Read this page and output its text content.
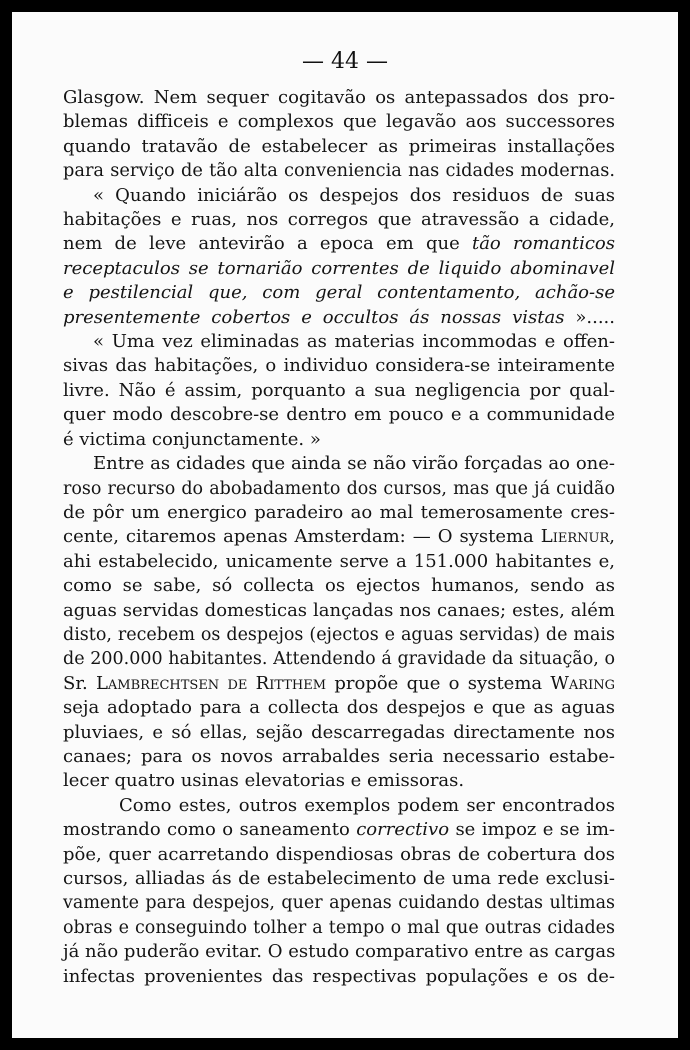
— 44 —
Glasgow. Nem sequer cogitavão os antepassados dos pro-
blemas difficeis e complexos que legavão aos successores
quando tratavão de estabelecer as primeiras installações
para serviço de tão alta conveniencia nas cidades modernas.
« Quando iniciárão os despejos dos residuos de suas
habitações e ruas, nos corregos que atravessão a cidade,
nem de leve antevirão a epoca em que tão romanticos
receptaculos se tornarião correntes de liquido abominavel
e pestilencial que, com geral contentamento, achão-se
presentemente cobertos e occultos ás nossas vistas ».....
« Uma vez eliminadas as materias incommodas e offen-
sivas das habitações, o individuo considera-se inteiramente
livre. Não é assim, porquanto a sua negligencia por qual-
quer modo descobre-se dentro em pouco e a communidade
é victima conjunctamente. »
Entre as cidades que ainda se não virão forçadas ao one-
roso recurso do abobadamento dos cursos, mas que já cuidão
de pôr um energico paradeiro ao mal temerosamente cres-
cente, citaremos apenas Amsterdam: — O systema Liernur,
ahi estabelecido, unicamente serve a 151.000 habitantes e,
como se sabe, só collecta os ejectos humanos, sendo as
aguas servidas domesticas lançadas nos canaes; estes, além
disto, recebem os despejos (ejectos e aguas servidas) de mais
de 200.000 habitantes. Attendendo á gravidade da situação, o
Sr. Lambrechtsen de Ritthem propõe que o systema Waring
seja adoptado para a collecta dos despejos e que as aguas
pluviaes, e só ellas, sejão descarregadas directamente nos
canaes; para os novos arrabaldes seria necessario estabe-
lecer quatro usinas elevatorias e emissoras.
Como estes, outros exemplos podem ser encontrados
mostrando como o saneamento correctivo se impoz e se im-
põe, quer acarretando dispendiosas obras de cobertura dos
cursos, alliadas ás de estabelecimento de uma rede exclusi-
vamente para despejos, quer apenas cuidando destas ultimas
obras e conseguindo tolher a tempo o mal que outras cidades
já não puderão evitar. O estudo comparativo entre as cargas
infectas provenientes das respectivas populações e os de-
